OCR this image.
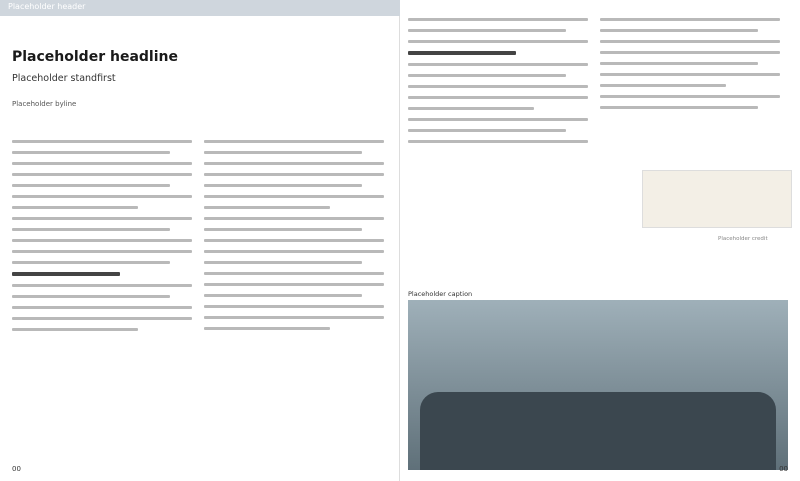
Placeholder header
Placeholder headline
Placeholder standfirst
Placeholder byline
00
Placeholder credit
Placeholder caption
00
